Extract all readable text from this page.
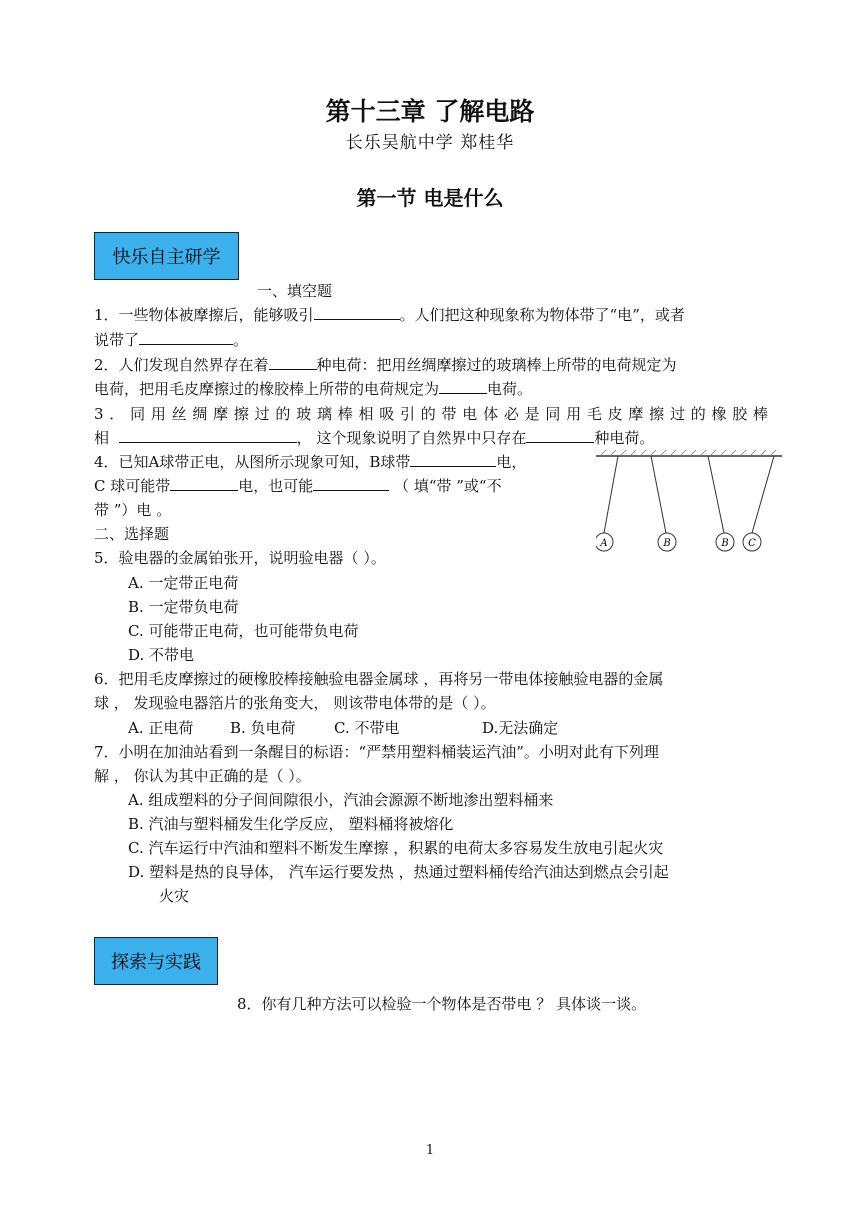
第十三章 了解电路
长乐吴航中学 郑桂华
第一节 电是什么
快乐自主研学
一、填空题
1．一些物体被摩擦后，能够吸引	。人们把这种现象称为物体带了“电”，或者
说带了	。
2．人们发现自然界存在着	种电荷：把用丝绸摩擦过的玻璃棒上所带的电荷规定为
电荷，把用毛皮摩擦过的橡胶棒上所带的电荷规定为	电荷。
3．同用丝绸摩擦过的玻璃棒相吸引的带电体必是同用毛皮摩擦过的橡胶棒
相	， 这个现象说明了自然界中只存在	种电荷。
4．已知A球带正电，从图所示现象可知，B球带	电，
C 球可能带	电，也可能	（ 填“带 ”或“不
带 ”）电 。
A	B	B C
二、选择题
5．验电器的金属铂张开，说明验电器（ ）。
A. 一定带正电荷
B. 一定带负电荷
C. 可能带正电荷，也可能带负电荷
D. 不带电
6．把用毛皮摩擦过的硬橡胶棒接触验电器金属球 ，再将另一带电体接触验电器的金属
球 ， 发现验电器箔片的张角变大， 则该带电体带的是（ ）。
A. 正电荷 B. 负电荷	C. 不带电	D.无法确定
7．小明在加油站看到一条醒目的标语：“严禁用塑料桶装运汽油”。小明对此有下列理
解 ， 你认为其中正确的是（ ）。
A. 组成塑料的分子间间隙很小，汽油会源源不断地渗出塑料桶来
B. 汽油与塑料桶发生化学反应， 塑料桶将被熔化
C. 汽车运行中汽油和塑料不断发生摩擦 ，积累的电荷太多容易发生放电引起火灾
D. 塑料是热的良导体， 汽车运行要发热 ，热通过塑料桶传给汽油达到燃点会引起
火灾
探索与实践
8．你有几种方法可以检验一个物体是否带电 ？ 具体谈一谈。
1
